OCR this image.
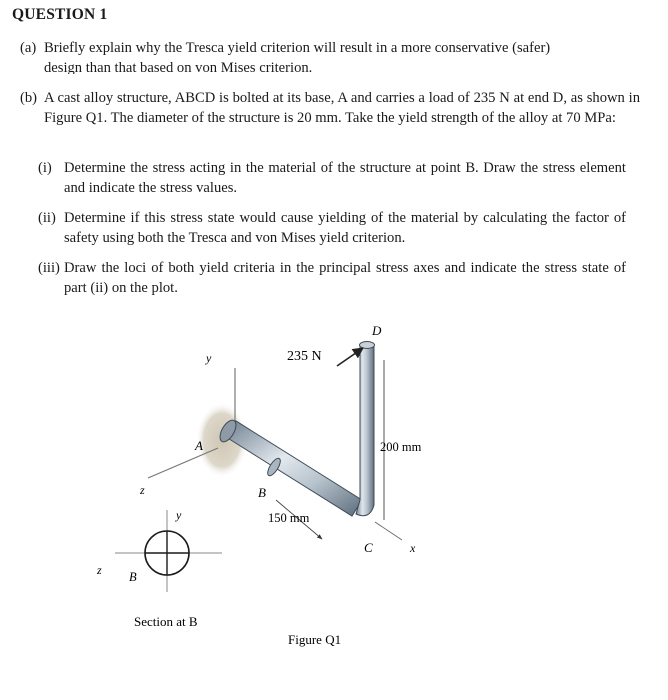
QUESTION 1
(a) Briefly explain why the Tresca yield criterion will result in a more conservative (safer)
design than that based on von Mises criterion.
(b) A cast alloy structure, ABCD is bolted at its base, A and carries a load of 235 N at end D, as shown in Figure Q1. The diameter of the structure is 20 mm. Take the yield strength of the alloy at 70 MPa:
(i) Determine the stress acting in the material of the structure at point B. Draw the stress element and indicate the stress values.
(ii) Determine if this stress state would cause yielding of the material by calculating the factor of safety using both the Tresca and von Mises yield criterion.
(iii) Draw the loci of both yield criteria in the principal stress axes and indicate the stress state of part (ii) on the plot.
235 N
D
A
B
C
y
z
x
200 mm
150 mm
y
z B
Section at B
Figure Q1
